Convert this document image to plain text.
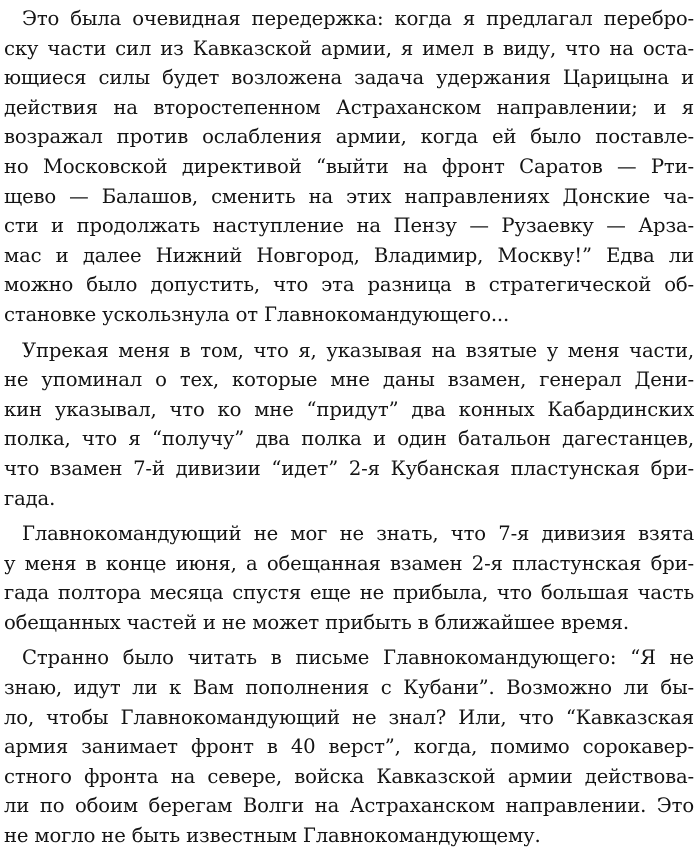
Это была очевидная передержка: когда я предлагал перебро-
ску части сил из Кавказской армии, я имел в виду, что на оста-
ющиеся силы будет возложена задача удержания Царицына и
действия на второстепенном Астраханском направлении; и я
возражал против ослабления армии, когда ей было поставле-
но Московской директивой “выйти на фронт Саратов — Рти-
щево — Балашов, сменить на этих направлениях Донские ча-
сти и продолжать наступление на Пензу — Рузаевку — Арза-
мас и далее Нижний Новгород, Владимир, Москву!” Едва ли
можно было допустить, что эта разница в стратегической об-
становке ускользнула от Главнокомандующего...
Упрекая меня в том, что я, указывая на взятые у меня части,
не упоминал о тех, которые мне даны взамен, генерал Дени-
кин указывал, что ко мне “придут” два конных Кабардинских
полка, что я “получу” два полка и один батальон дагестанцев,
что взамен 7-й дивизии “идет” 2-я Кубанская пластунская бри-
гада.
Главнокомандующий не мог не знать, что 7-я дивизия взята
у меня в конце июня, а обещанная взамен 2-я пластунская бри-
гада полтора месяца спустя еще не прибыла, что большая часть
обещанных частей и не может прибыть в ближайшее время.
Странно было читать в письме Главнокомандующего: “Я не
знаю, идут ли к Вам пополнения с Кубани”. Возможно ли бы-
ло, чтобы Главнокомандующий не знал? Или, что “Кавказская
армия занимает фронт в 40 верст”, когда, помимо сорокавер-
стного фронта на севере, войска Кавказской армии действова-
ли по обоим берегам Волги на Астраханском направлении. Это
не могло не быть известным Главнокомандующему.
